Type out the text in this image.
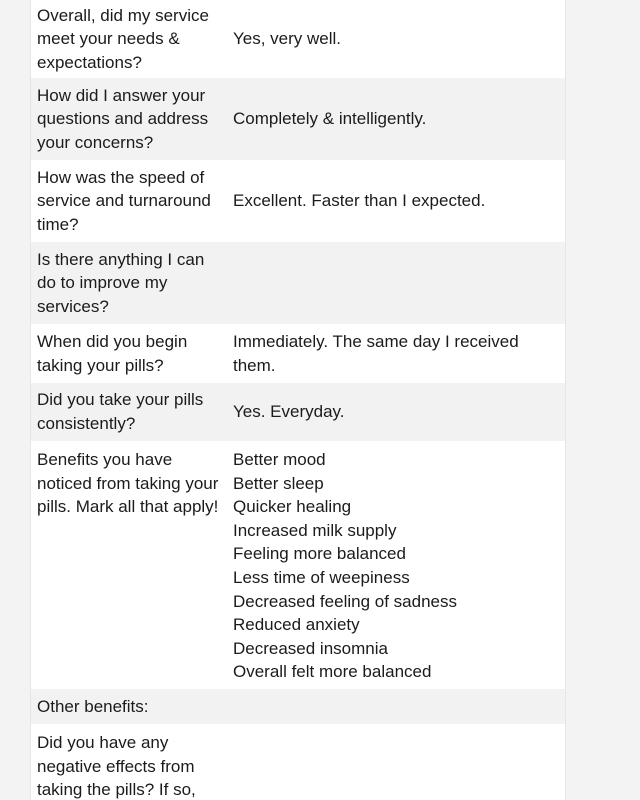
Overall, did my service meet your needs & expectations?
Yes, very well.
How did I answer your questions and address your concerns?
Completely & intelligently.
How was the speed of service and turnaround time?
Excellent. Faster than I expected.
Is there anything I can do to improve my services?
When did you begin taking your pills?
Immediately. The same day I received them.
Did you take your pills consistently?
Yes. Everyday.
Benefits you have noticed from taking your pills. Mark all that apply!
Better mood
Better sleep
Quicker healing
Increased milk supply
Feeling more balanced
Less time of weepiness
Decreased feeling of sadness
Reduced anxiety
Decreased insomnia
Overall felt more balanced
Other benefits:
Did you have any negative effects from taking the pills? If so,
